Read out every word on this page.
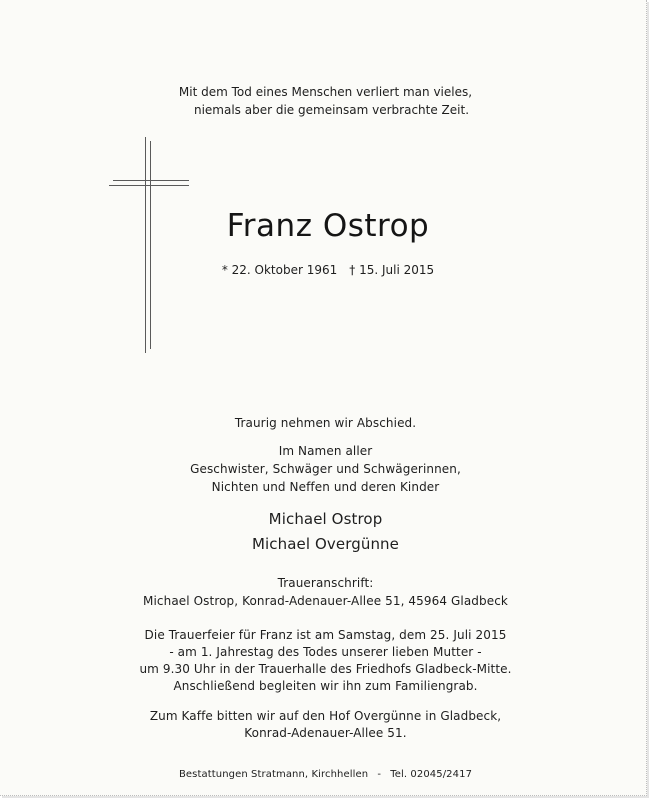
Mit dem Tod eines Menschen verliert man vieles,
niemals aber die gemeinsam verbrachte Zeit.
Franz Ostrop
* 22. Oktober 1961 † 15. Juli 2015
Traurig nehmen wir Abschied.
Im Namen aller
Geschwister, Schwäger und Schwägerinnen,
Nichten und Neffen und deren Kinder
Michael Ostrop
Michael Overgünne
Traueranschrift:
Michael Ostrop, Konrad-Adenauer-Allee 51, 45964 Gladbeck
Die Trauerfeier für Franz ist am Samstag, dem 25. Juli 2015
- am 1. Jahrestag des Todes unserer lieben Mutter -
um 9.30 Uhr in der Trauerhalle des Friedhofs Gladbeck-Mitte.
Anschließend begleiten wir ihn zum Familiengrab.
Zum Kaffe bitten wir auf den Hof Overgünne in Gladbeck,
Konrad-Adenauer-Allee 51.
Bestattungen Stratmann, Kirchhellen - Tel. 02045/2417
